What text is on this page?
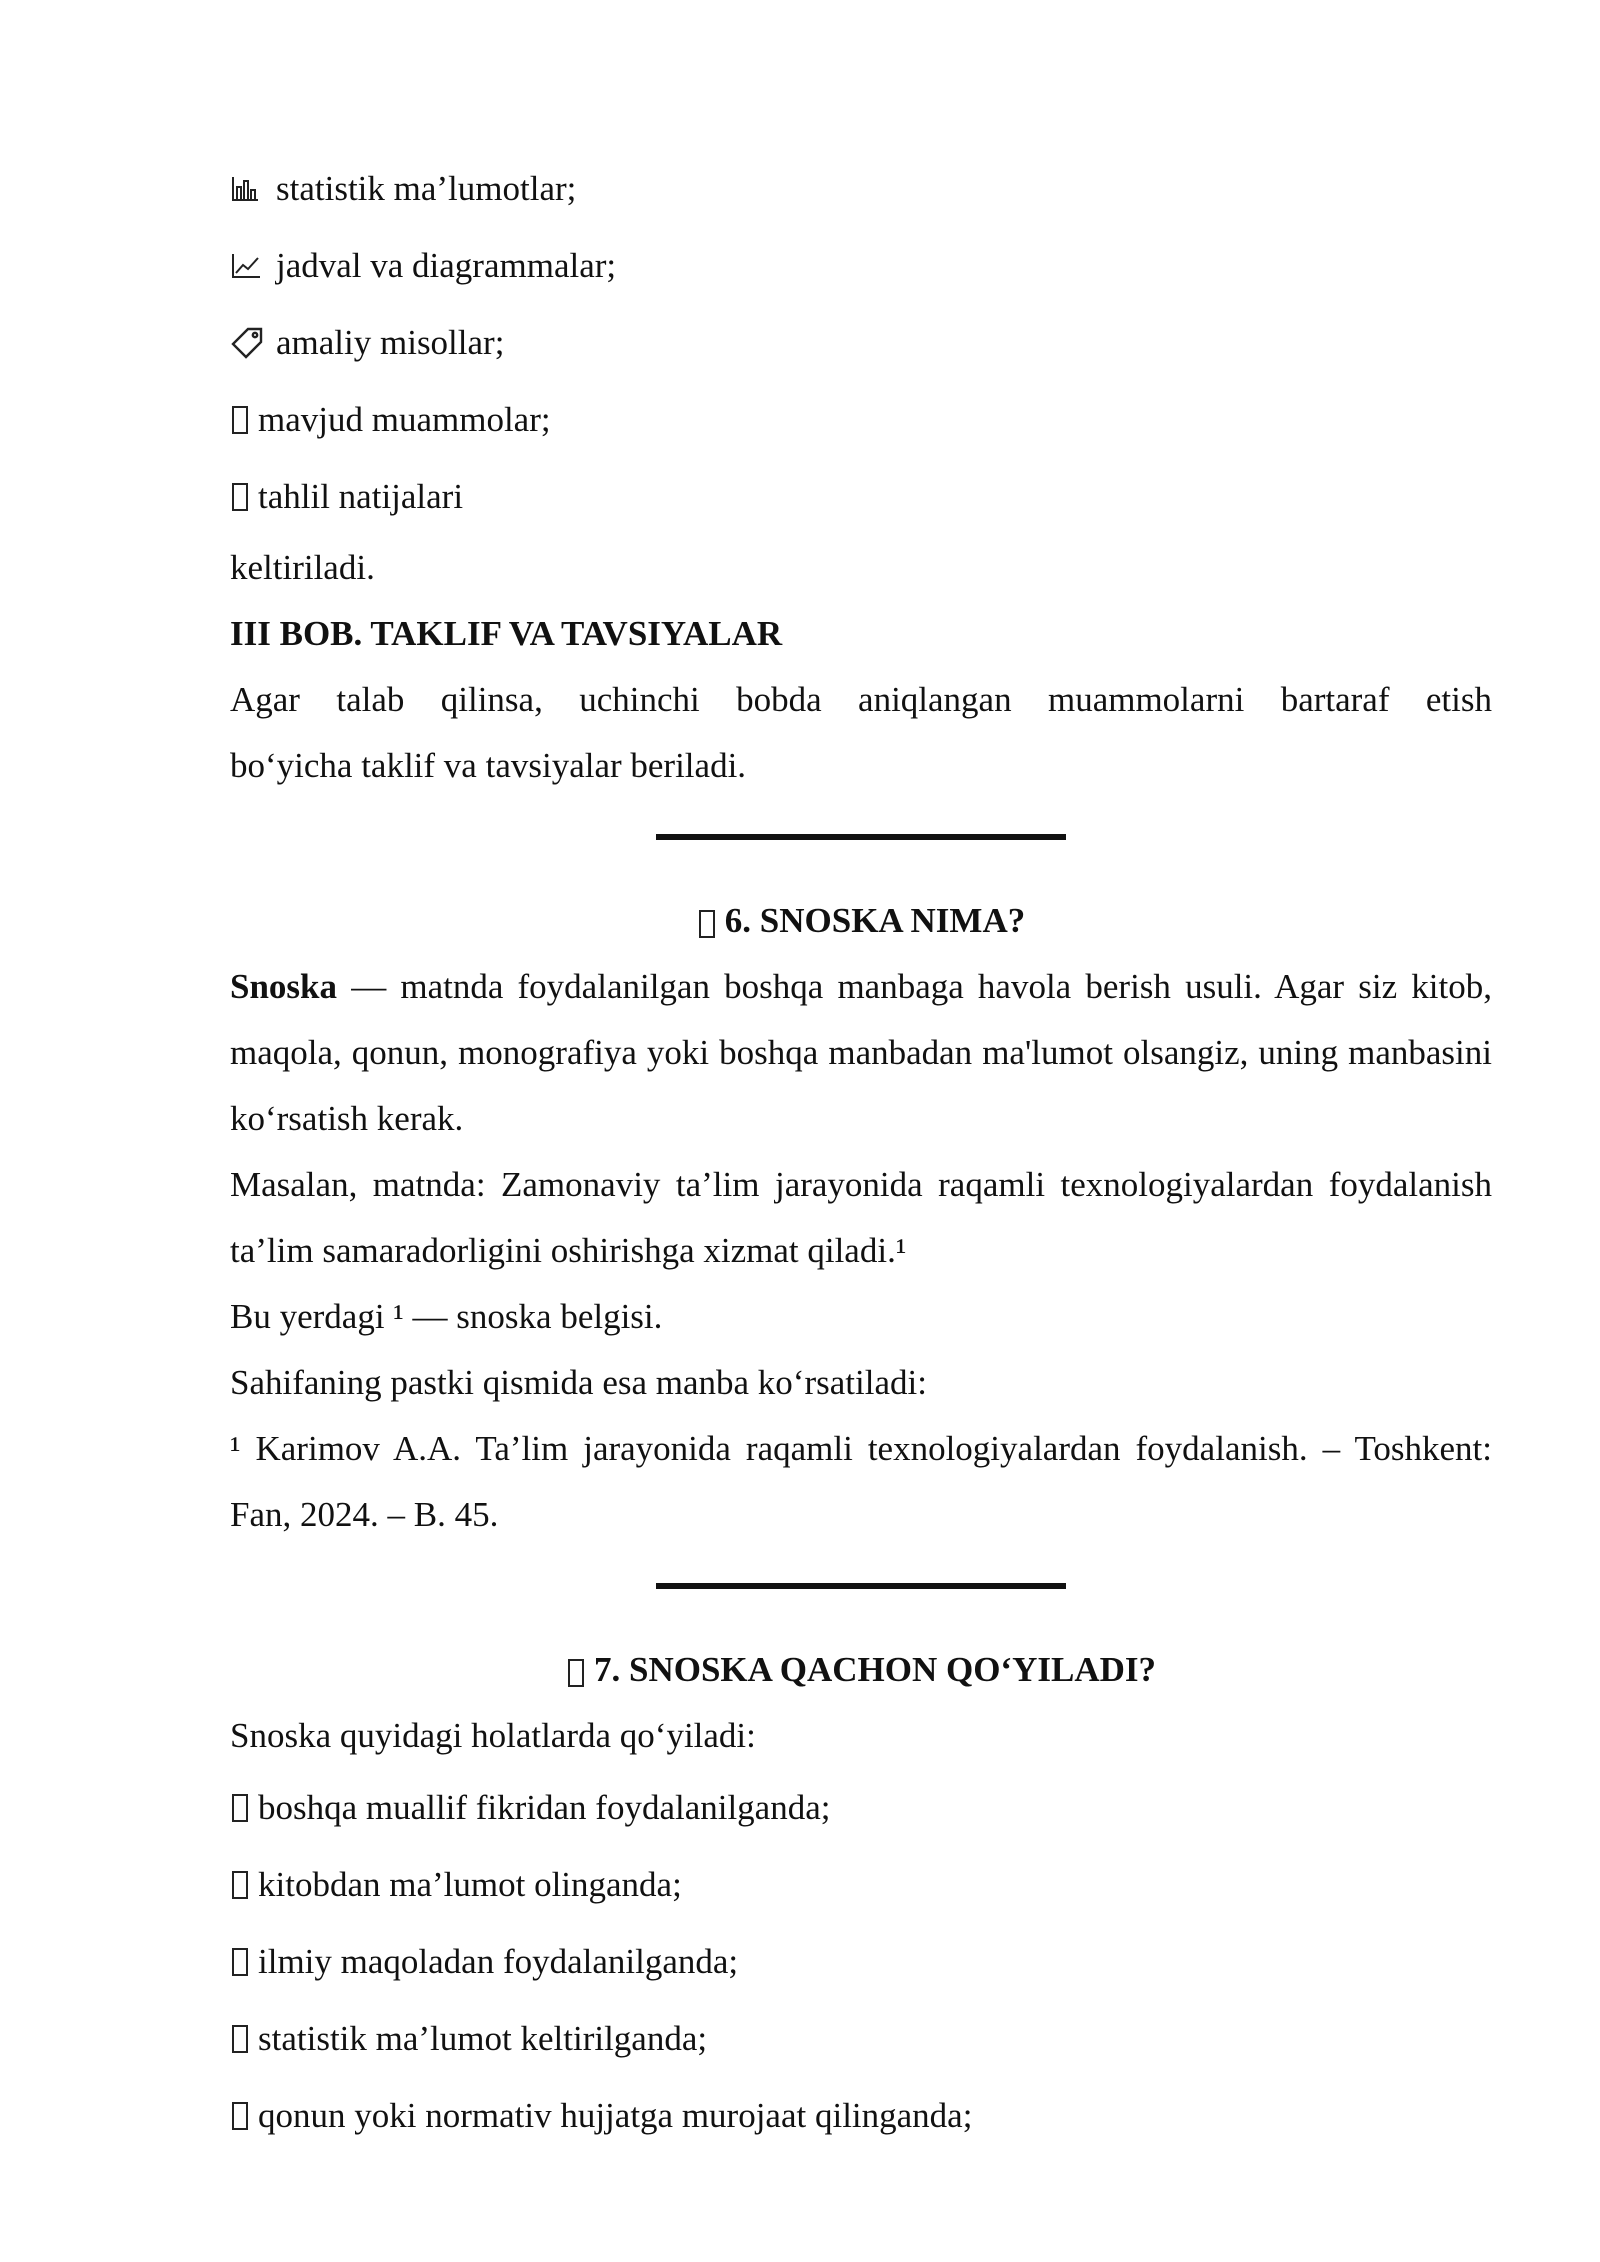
statistik ma’lumotlar;
jadval va diagrammalar;
amaliy misollar;
mavjud muammolar;
tahlil natijalari
keltiriladi.
III BOB. TAKLIF VA TAVSIYALAR
Agar talab qilinsa, uchinchi bobda aniqlangan muammolarni bartaraf etish
bo‘yicha taklif va tavsiyalar beriladi.
6. SNOSKA NIMA?
Snoska — matnda foydalanilgan boshqa manbaga havola berish usuli. Agar siz kitob, maqola, qonun, monografiya yoki boshqa manbadan ma'lumot olsangiz, uning manbasini ko‘rsatish kerak.
Masalan, matnda: Zamonaviy ta’lim jarayonida raqamli texnologiyalardan foydalanish ta’lim samaradorligini oshirishga xizmat qiladi.¹
Bu yerdagi ¹ — snoska belgisi.
Sahifaning pastki qismida esa manba ko‘rsatiladi:
¹ Karimov A.A. Ta’lim jarayonida raqamli texnologiyalardan foydalanish. – Toshkent: Fan, 2024. – B. 45.
7. SNOSKA QACHON QO‘YILADI?
Snoska quyidagi holatlarda qo‘yiladi:
boshqa muallif fikridan foydalanilganda;
kitobdan ma’lumot olinganda;
ilmiy maqoladan foydalanilganda;
statistik ma’lumot keltirilganda;
qonun yoki normativ hujjatga murojaat qilinganda;
